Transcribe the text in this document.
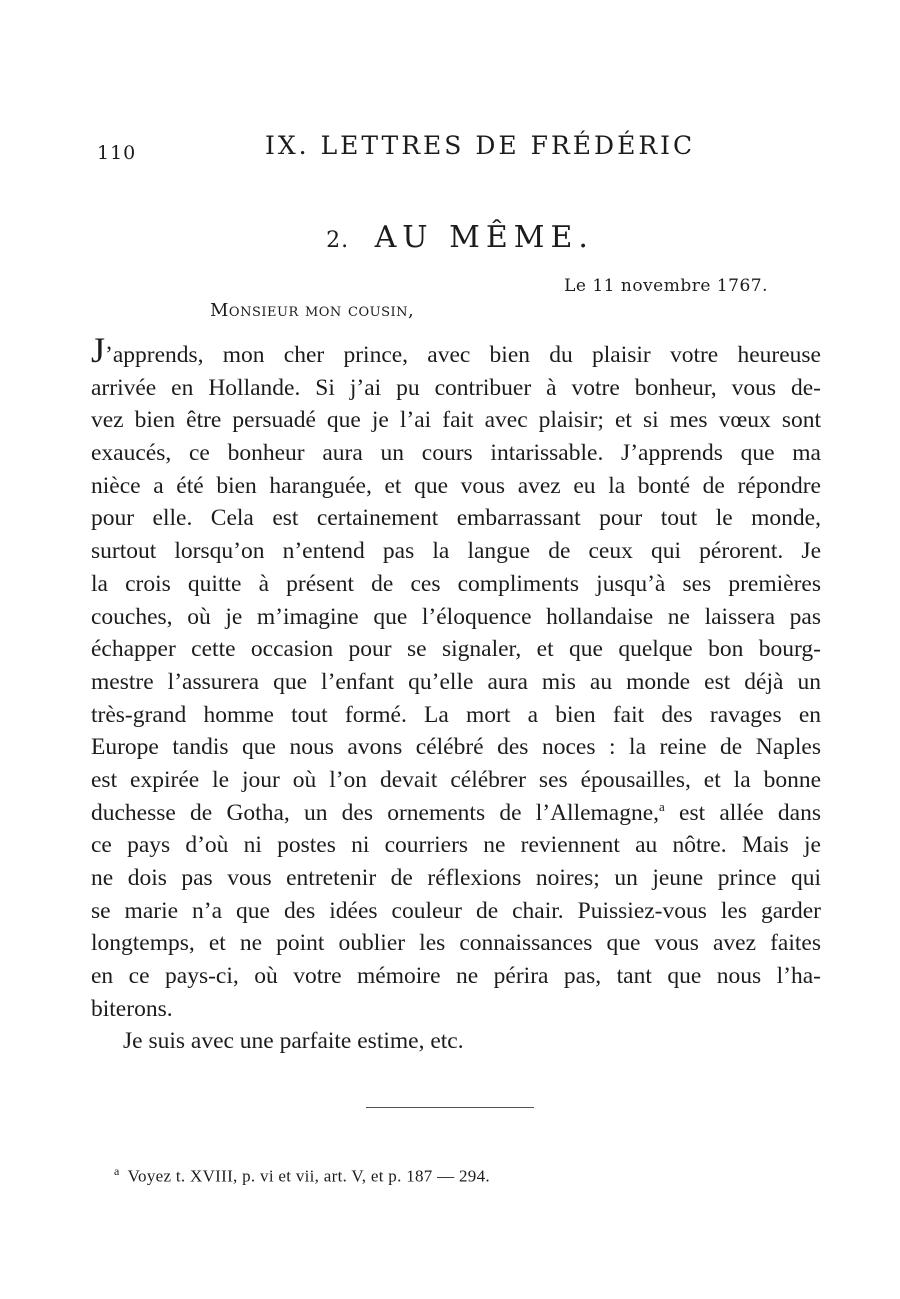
110	IX. LETTRES DE FRÉDÉRIC
2. AU MÊME.
Le 11 novembre 1767.
Monsieur mon cousin,
J’apprends, mon cher prince, avec bien du plaisir votre heureuse
arrivée en Hollande. Si j’ai pu contribuer à votre bonheur, vous de-
vez bien être persuadé que je l’ai fait avec plaisir; et si mes vœux sont
exaucés, ce bonheur aura un cours intarissable. J’apprends que ma
nièce a été bien haranguée, et que vous avez eu la bonté de répondre
pour elle. Cela est certainement embarrassant pour tout le monde,
surtout lorsqu’on n’entend pas la langue de ceux qui pérorent. Je
la crois quitte à présent de ces compliments jusqu’à ses premières
couches, où je m’imagine que l’éloquence hollandaise ne laissera pas
échapper cette occasion pour se signaler, et que quelque bon bourg-
mestre l’assurera que l’enfant qu’elle aura mis au monde est déjà un
très-grand homme tout formé. La mort a bien fait des ravages en
Europe tandis que nous avons célébré des noces : la reine de Naples
est expirée le jour où l’on devait célébrer ses épousailles, et la bonne
duchesse de Gotha, un des ornements de l’Allemagne,$^a$ est allée dans
ce pays d’où ni postes ni courriers ne reviennent au nôtre. Mais je
ne dois pas vous entretenir de réflexions noires; un jeune prince qui
se marie n’a que des idées couleur de chair. Puissiez-vous les garder
longtemps, et ne point oublier les connaissances que vous avez faites
en ce pays-ci, où votre mémoire ne périra pas, tant que nous l’ha-
biterons.
Je suis avec une parfaite estime, etc.
$^a$ Voyez t. XVIII, p. vi et vii, art. V, et p. 187 — 294.
